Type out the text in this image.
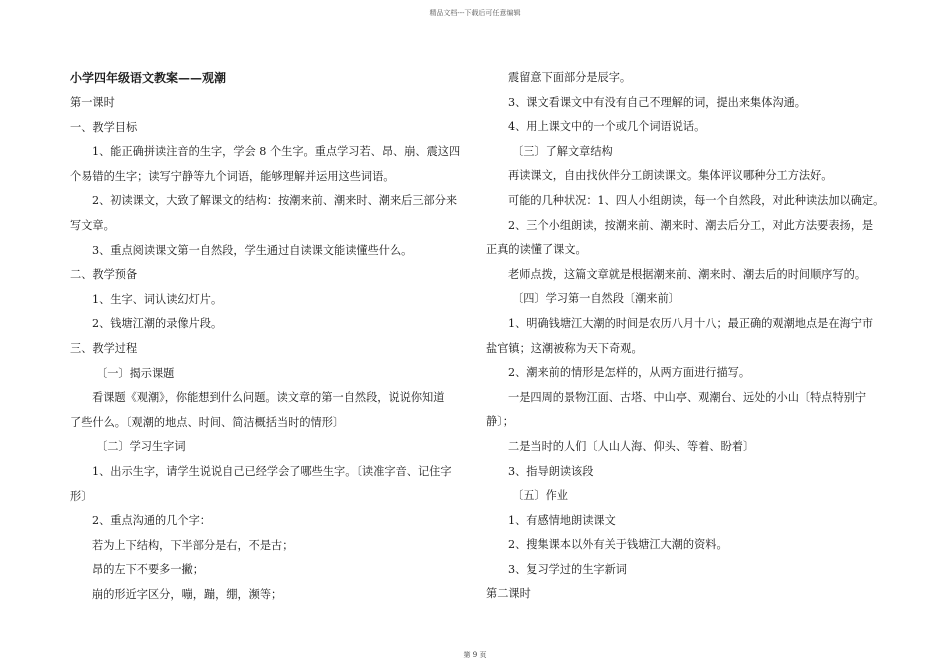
精品文档---下载后可任意编辑
小学四年级语文教案——观潮

第一课时

一、教学目标

1、能正确拼读注音的生字，学会 8 个生字。重点学习若、昂、崩、震这四

个易错的生字；读写宁静等九个词语，能够理解并运用这些词语。

2、初读课文，大致了解课文的结构：按潮来前、潮来时、潮来后三部分来

写文章。

3、重点阅读课文第一自然段，学生通过自读课文能读懂些什么。

二、教学预备

1、生字、词认读幻灯片。

2、钱塘江潮的录像片段。

三、教学过程

〔一〕揭示课题

看课题《观潮》，你能想到什么问题。读文章的第一自然段，说说你知道

了些什么。〔观潮的地点、时间、简洁概括当时的情形〕

〔二〕学习生字词

1、出示生字，请学生说说自己已经学会了哪些生字。〔读准字音、记住字

形〕

2、重点沟通的几个字：

若为上下结构，下半部分是右，不是古；

昂的左下不要多一撇；

崩的形近字区分，嘣，蹦，绷，濒等；

震留意下面部分是辰字。

3、课文看课文中有没有自己不理解的词，提出来集体沟通。

4、用上课文中的一个或几个词语说话。

〔三〕了解文章结构

再读课文，自由找伙伴分工朗读课文。集体评议哪种分工方法好。

可能的几种状况：1、四人小组朗读，每一个自然段，对此种读法加以确定。

2、三个小组朗读，按潮来前、潮来时、潮去后分工，对此方法要表扬，是

正真的读懂了课文。

老师点拨，这篇文章就是根据潮来前、潮来时、潮去后的时间顺序写的。

〔四〕学习第一自然段〔潮来前〕

1、明确钱塘江大潮的时间是农历八月十八；最正确的观潮地点是在海宁市

盐官镇；这潮被称为天下奇观。

2、潮来前的情形是怎样的，从两方面进行描写。

一是四周的景物江面、古塔、中山亭、观潮台、远处的小山〔特点特别宁

静〕；

二是当时的人们〔人山人海、仰头、等着、盼着〕

3、指导朗读该段

〔五〕作业

1、有感情地朗读课文

2、搜集课本以外有关于钱塘江大潮的资料。

3、复习学过的生字新词

第二课时

第 9 页
